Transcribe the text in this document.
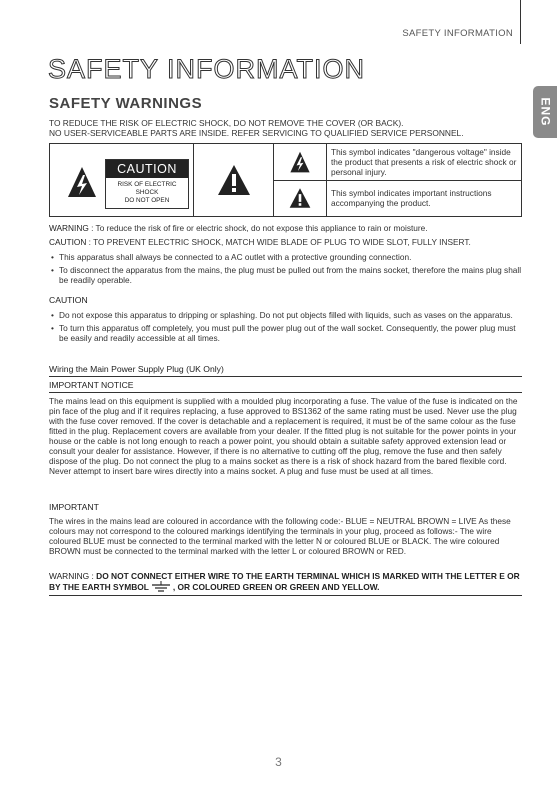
SAFETY INFORMATION
ENG
SAFETY INFORMATION
SAFETY WARNINGS
TO REDUCE THE RISK OF ELECTRIC SHOCK, DO NOT REMOVE THE COVER (OR BACK).
NO USER-SERVICEABLE PARTS ARE INSIDE. REFER SERVICING TO QUALIFIED SERVICE PERSONNEL.
CAUTION
RISK OF ELECTRIC SHOCK
DO NOT OPEN
This symbol indicates "dangerous voltage" inside the product that presents a risk of electric shock or personal injury.
This symbol indicates important instructions accompanying the product.
WARNING : To reduce the risk of fire or electric shock, do not expose this appliance to rain or moisture.
CAUTION : TO PREVENT ELECTRIC SHOCK, MATCH WIDE BLADE OF PLUG TO WIDE SLOT, FULLY INSERT.

• This apparatus shall always be connected to a AC outlet with a protective grounding connection.

• To disconnect the apparatus from the mains, the plug must be pulled out from the mains socket, therefore the mains plug shall be readily operable.

CAUTION

• Do not expose this apparatus to dripping or splashing. Do not put objects filled with liquids, such as vases on the apparatus.

• To turn this apparatus off completely, you must pull the power plug out of the wall socket. Consequently, the power plug must be easily and readily accessible at all times.

Wiring the Main Power Supply Plug (UK Only)
IMPORTANT NOTICE
The mains lead on this equipment is supplied with a moulded plug incorporating a fuse. The value of the fuse is indicated on the pin face of the plug and if it requires replacing, a fuse approved to BS1362 of the same rating must be used. Never use the plug with the fuse cover removed. If the cover is detachable and a replacement is required, it must be of the same colour as the fuse fitted in the plug. Replacement covers are available from your dealer. If the fitted plug is not suitable for the power points in your house or the cable is not long enough to reach a power point, you should obtain a suitable safety approved extension lead or consult your dealer for assistance. However, if there is no alternative to cutting off the plug, remove the fuse and then safely dispose of the plug. Do not connect the plug to a mains socket as there is a risk of shock hazard from the bared flexible cord. Never attempt to insert bare wires directly into a mains socket. A plug and fuse must be used at all times.
IMPORTANT
The wires in the mains lead are coloured in accordance with the following code:- BLUE = NEUTRAL BROWN = LIVE As these colours may not correspond to the coloured markings identifying the terminals in your plug, proceed as follows:- The wire coloured BLUE must be connected to the terminal marked with the letter N or coloured BLUE or BLACK. The wire coloured BROWN must be connected to the terminal marked with the letter L or coloured BROWN or RED.
WARNING : DO NOT CONNECT EITHER WIRE TO THE EARTH TERMINAL WHICH IS MARKED WITH THE LETTER E OR BY THE EARTH SYMBOL	, OR COLOURED GREEN OR GREEN AND YELLOW.
3
